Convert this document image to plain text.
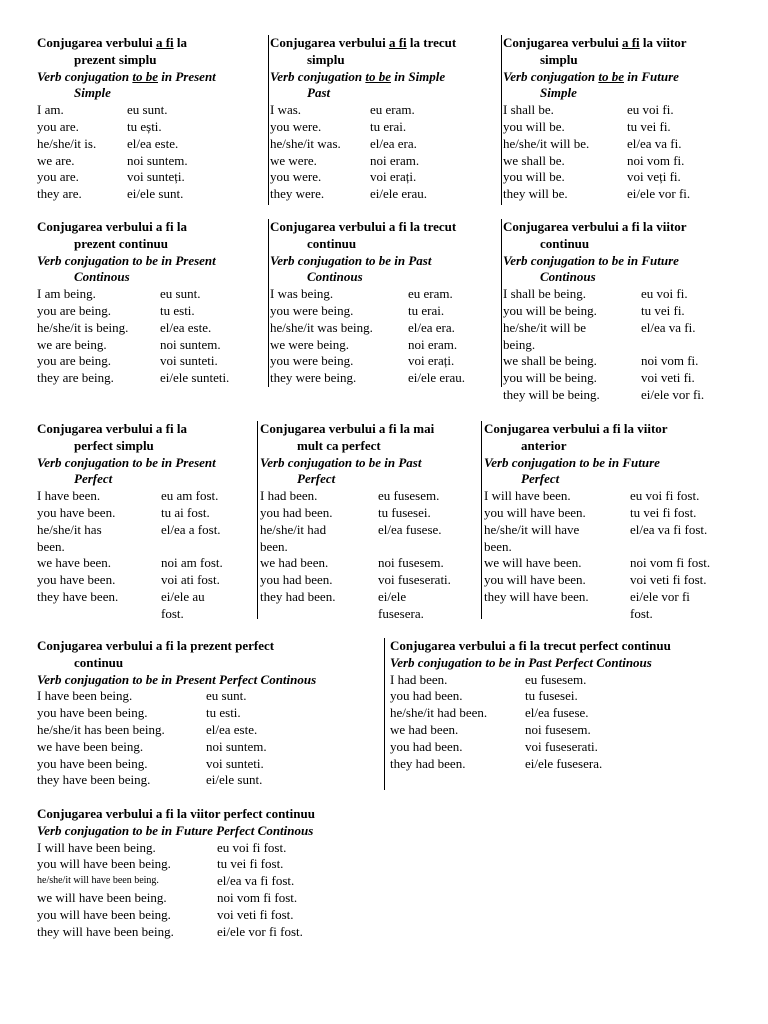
Conjugarea verbului a fi la
prezent simplu
Verb conjugation to be in Present
Simple
I am.	eu sunt.
you are.	tu ești.
he/she/it is.	el/ea este.
we are.	noi suntem.
you are.	voi sunteți.
they are.	ei/ele sunt.
Conjugarea verbului a fi la trecut
simplu
Verb conjugation to be in Simple
Past
I was.	eu eram.
you were.	tu erai.
he/she/it was.	el/ea era.
we were.	noi eram.
you were.	voi erați.
they were.	ei/ele erau.
Conjugarea verbului a fi la viitor
simplu
Verb conjugation to be in Future
Simple
I shall be.	eu voi fi.
you will be.	tu vei fi.
he/she/it will be.	el/ea va fi.
we shall be.	noi vom fi.
you will be.	voi veți fi.
they will be.	ei/ele vor fi.
Conjugarea verbului a fi la
prezent continuu
Verb conjugation to be in Present
Continous
I am being.	eu sunt.
you are being.	tu esti.
he/she/it is being.	el/ea este.
we are being.	noi suntem.
you are being.	voi sunteti.
they are being.	ei/ele sunteti.
Conjugarea verbului a fi la trecut
continuu
Verb conjugation to be in Past
Continous
I was being.	eu eram.
you were being.	tu erai.
he/she/it was being.	el/ea era.
we were being.	noi eram.
you were being.	voi erați.
they were being.	ei/ele erau.
Conjugarea verbului a fi la viitor
continuu
Verb conjugation to be in Future
Continous
I shall be being.	eu voi fi.
you will be being.	tu vei fi.
he/she/it will be	el/ea va fi.
being.
we shall be being.	noi vom fi.
you will be being.	voi veti fi.
they will be being.	ei/ele vor fi.
Conjugarea verbului a fi la
perfect simplu
Verb conjugation to be in Present
Perfect
I have been.	eu am fost.
you have been.	tu ai fost.
he/she/it has	el/ea a fost.
been.
we have been.	noi am fost.
you have been.	voi ati fost.
they have been.	ei/ele au
fost.
Conjugarea verbului a fi la mai
mult ca perfect
Verb conjugation to be in Past
Perfect
I had been.	eu fusesem.
you had been.	tu fusesei.
he/she/it had	el/ea fusese.
been.
we had been.	noi fusesem.
you had been.	voi fuseserati.
they had been.	ei/ele
fusesera.
Conjugarea verbului a fi la viitor
anterior
Verb conjugation to be in Future
Perfect
I will have been.	eu voi fi fost.
you will have been.	tu vei fi fost.
he/she/it will have	el/ea va fi fost.
been.
we will have been.	noi vom fi fost.
you will have been.	voi veti fi fost.
they will have been.	ei/ele vor fi
fost.
Conjugarea verbului a fi la prezent perfect
continuu
Verb conjugation to be in Present Perfect Continous
I have been being.	eu sunt.
you have been being.	tu esti.
he/she/it has been being.	el/ea este.
we have been being.	noi suntem.
you have been being.	voi sunteti.
they have been being.	ei/ele sunt.
Conjugarea verbului a fi la trecut perfect continuu
Verb conjugation to be in Past Perfect Continous
I had been.	eu fusesem.
you had been.	tu fusesei.
he/she/it had been.	el/ea fusese.
we had been.	noi fusesem.
you had been.	voi fuseserati.
they had been.	ei/ele fusesera.
Conjugarea verbului a fi la viitor perfect continuu
Verb conjugation to be in Future Perfect Continous
I will have been being.	eu voi fi fost.
you will have been being.	tu vei fi fost.
he/she/it will have been being.	el/ea va fi fost.
we will have been being.	noi vom fi fost.
you will have been being.	voi veti fi fost.
they will have been being.	ei/ele vor fi fost.
